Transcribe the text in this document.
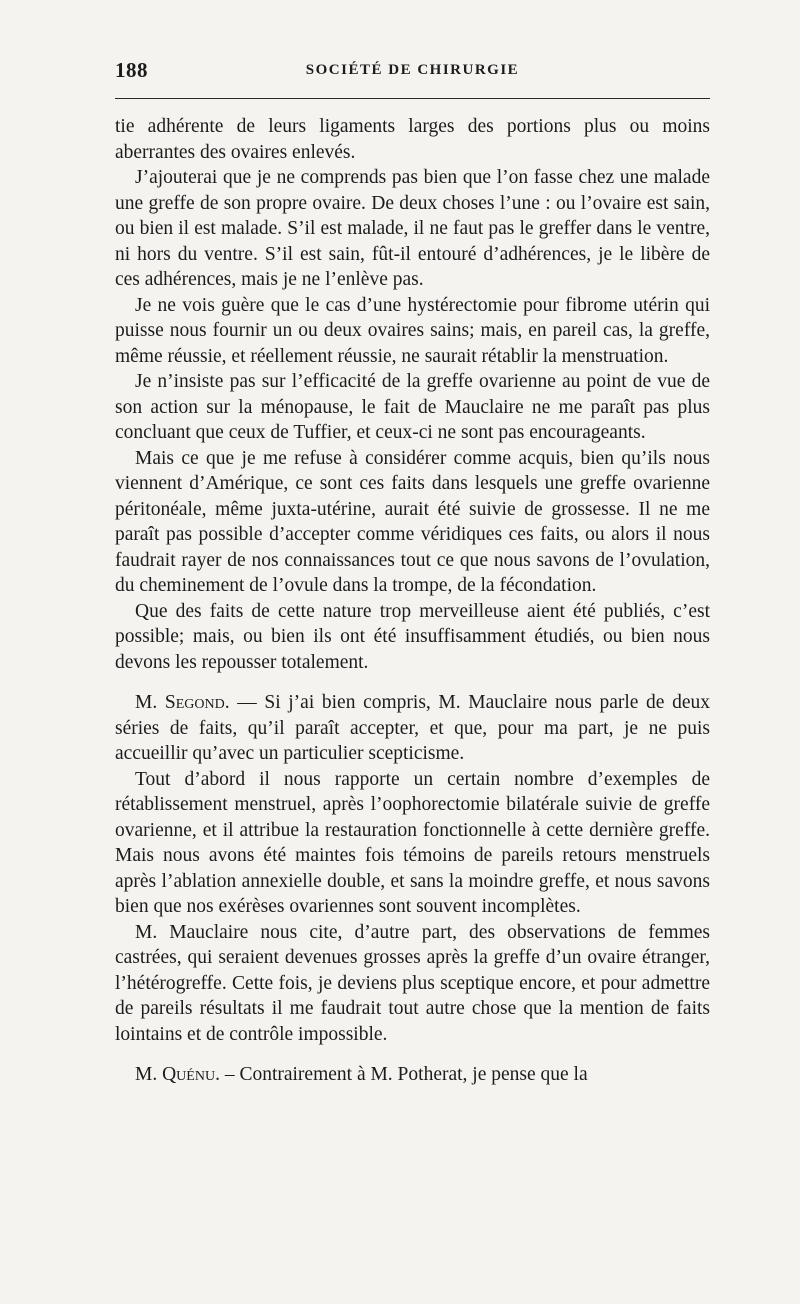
188	SOCIÉTÉ DE CHIRURGIE

tie adhérente de leurs ligaments larges des portions plus ou moins aberrantes des ovaires enlevés.

J’ajouterai que je ne comprends pas bien que l’on fasse chez une malade une greffe de son propre ovaire. De deux choses l’une : ou l’ovaire est sain, ou bien il est malade. S’il est malade, il ne faut pas le greffer dans le ventre, ni hors du ventre. S’il est sain, fût-il entouré d’adhérences, je le libère de ces adhérences, mais je ne l’enlève pas.

Je ne vois guère que le cas d’une hystérectomie pour fibrome utérin qui puisse nous fournir un ou deux ovaires sains; mais, en pareil cas, la greffe, même réussie, et réellement réussie, ne saurait rétablir la menstruation.

Je n’insiste pas sur l’efficacité de la greffe ovarienne au point de vue de son action sur la ménopause, le fait de Mauclaire ne me paraît pas plus concluant que ceux de Tuffier, et ceux-ci ne sont pas encourageants.

Mais ce que je me refuse à considérer comme acquis, bien qu’ils nous viennent d’Amérique, ce sont ces faits dans lesquels une greffe ovarienne péritonéale, même juxta-utérine, aurait été suivie de grossesse. Il ne me paraît pas possible d’accepter comme véridiques ces faits, ou alors il nous faudrait rayer de nos connaissances tout ce que nous savons de l’ovulation, du cheminement de l’ovule dans la trompe, de la fécondation.

Que des faits de cette nature trop merveilleuse aient été publiés, c’est possible; mais, ou bien ils ont été insuffisamment étudiés, ou bien nous devons les repousser totalement.

M. Segond. — Si j’ai bien compris, M. Mauclaire nous parle de deux séries de faits, qu’il paraît accepter, et que, pour ma part, je ne puis accueillir qu’avec un particulier scepticisme.

Tout d’abord il nous rapporte un certain nombre d’exemples de rétablissement menstruel, après l’oophorectomie bilatérale suivie de greffe ovarienne, et il attribue la restauration fonctionnelle à cette dernière greffe. Mais nous avons été maintes fois témoins de pareils retours menstruels après l’ablation annexielle double, et sans la moindre greffe, et nous savons bien que nos exérèses ovariennes sont souvent incomplètes.

M. Mauclaire nous cite, d’autre part, des observations de femmes castrées, qui seraient devenues grosses après la greffe d’un ovaire étranger, l’hétérogreffe. Cette fois, je deviens plus sceptique encore, et pour admettre de pareils résultats il me faudrait tout autre chose que la mention de faits lointains et de contrôle impossible.

M. Quénu. – Contrairement à M. Potherat, je pense que la
